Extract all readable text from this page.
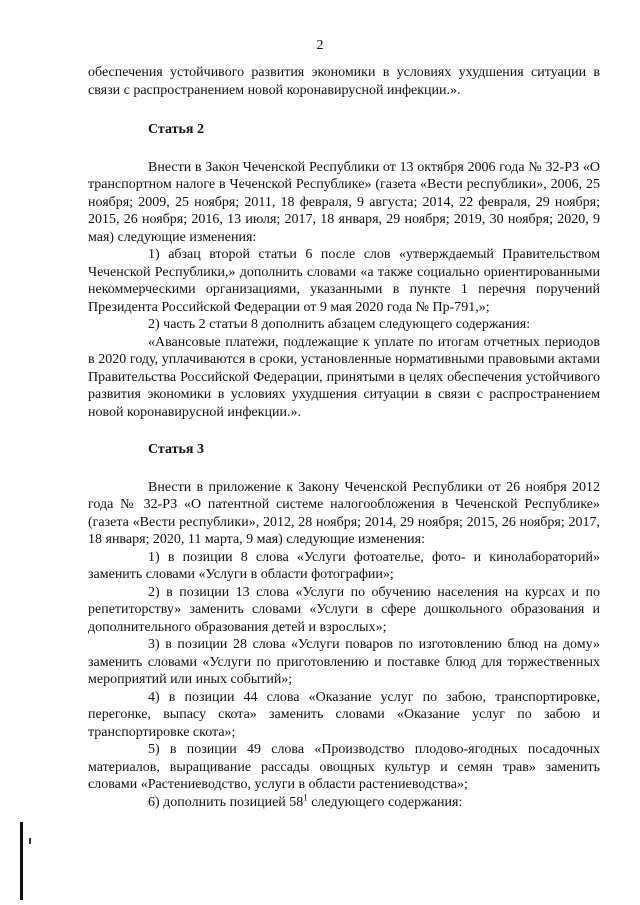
2

обеспечения устойчивого развития экономики в условиях ухудшения ситуации в связи с распространением новой коронавирусной инфекции.».

Статья 2

Внести в Закон Чеченской Республики от 13 октября 2006 года № 32-РЗ «О транспортном налоге в Чеченской Республике» (газета «Вести республики», 2006, 25 ноября; 2009, 25 ноября; 2011, 18 февраля, 9 августа; 2014, 22 февраля, 29 ноября; 2015, 26 ноября; 2016, 13 июля; 2017, 18 января, 29 ноября; 2019, 30 ноября; 2020, 9 мая) следующие изменения:

1) абзац второй статьи 6 после слов «утверждаемый Правительством Чеченской Республики,» дополнить словами «а также социально ориентированными некоммерческими организациями, указанными в пункте 1 перечня поручений Президента Российской Федерации от 9 мая 2020 года № Пр-791,»;

2) часть 2 статьи 8 дополнить абзацем следующего содержания:

«Авансовые платежи, подлежащие к уплате по итогам отчетных периодов в 2020 году, уплачиваются в сроки, установленные нормативными правовыми актами Правительства Российской Федерации, принятыми в целях обеспечения устойчивого развития экономики в условиях ухудшения ситуации в связи с распространением новой коронавирусной инфекции.».

Статья 3

Внести в приложение к Закону Чеченской Республики от 26 ноября 2012 года № 32-РЗ «О патентной системе налогообложения в Чеченской Республике» (газета «Вести республики», 2012, 28 ноября; 2014, 29 ноября; 2015, 26 ноября; 2017, 18 января; 2020, 11 марта, 9 мая) следующие изменения:

1) в позиции 8 слова «Услуги фотоателье, фото- и кинолабораторий» заменить словами «Услуги в области фотографии»;

2) в позиции 13 слова «Услуги по обучению населения на курсах и по репетиторству» заменить словами «Услуги в сфере дошкольного образования и дополнительного образования детей и взрослых»;

3) в позиции 28 слова «Услуги поваров по изготовлению блюд на дому» заменить словами «Услуги по приготовлению и поставке блюд для торжественных мероприятий или иных событий»;

4) в позиции 44 слова «Оказание услуг по забою, транспортировке, перегонке, выпасу скота» заменить словами «Оказание услуг по забою и транспортировке скота»;

5) в позиции 49 слова «Производство плодово-ягодных посадочных материалов, выращивание рассады овощных культур и семян трав» заменить словами «Растениеводство, услуги в области растениеводства»;

6) дополнить позицией $58^1$ следующего содержания:
